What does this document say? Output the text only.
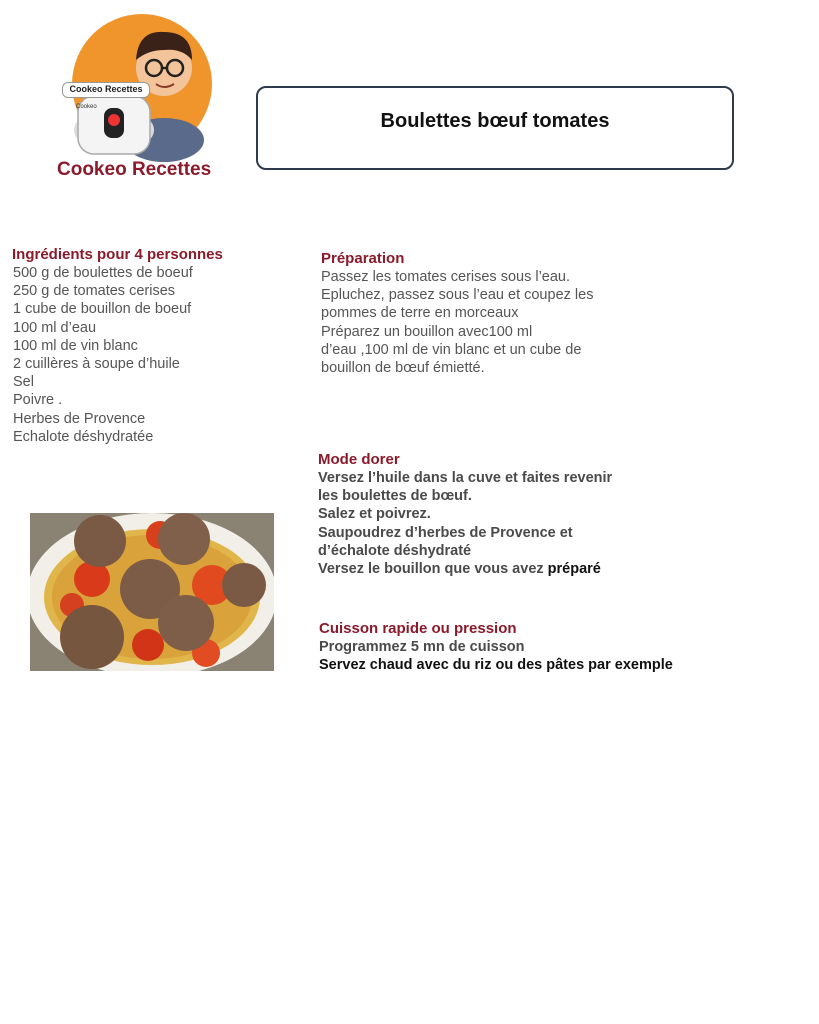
Cookeo Recettes
Cookeo
Cookeo Recettes
Boulettes bœuf tomates
Ingrédients pour 4 personnes
500 g de boulettes de boeuf
250 g de tomates cerises
1 cube de bouillon de boeuf
100 ml d’eau
100 ml de vin blanc
2 cuillères à soupe d’huile
Sel
Poivre .
Herbes de Provence
Echalote déshydratée
Préparation
Passez les tomates cerises sous l’eau.
Epluchez, passez sous l’eau et coupez les
pommes de terre en morceaux
Préparez un bouillon avec100 ml
d’eau ,100 ml de vin blanc et un cube de
bouillon de bœuf émietté.
Mode dorer
Versez l’huile dans la cuve et faites revenir
les boulettes de bœuf.
Salez et poivrez.
Saupoudrez d’herbes de Provence et
d’échalote déshydraté
Versez le bouillon que vous avez préparé
Cuisson rapide ou pression
Programmez 5 mn de cuisson
Servez chaud avec du riz ou des pâtes par exemple
